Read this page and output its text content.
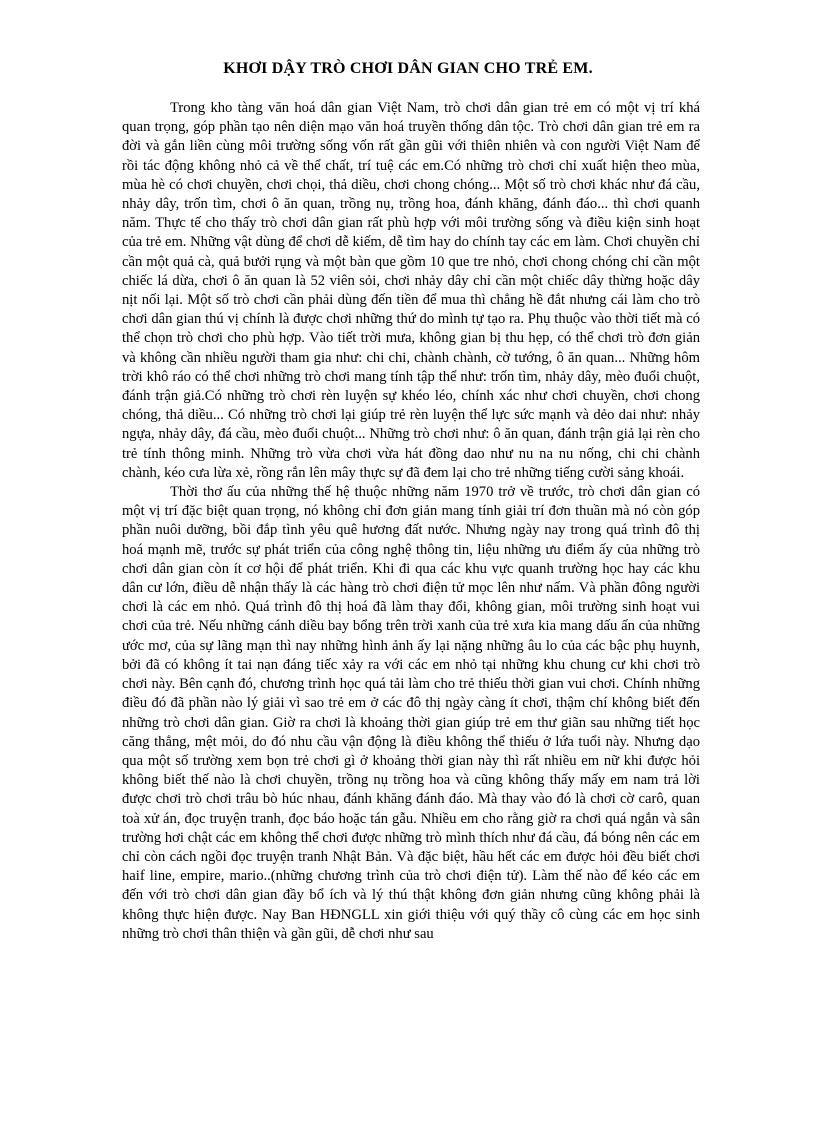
KHƠI DẬY TRÒ CHƠI DÂN GIAN CHO TRẺ EM.

Trong kho tàng văn hoá dân gian Việt Nam, trò chơi dân gian trẻ em có một vị trí khá quan trọng, góp phần tạo nên diện mạo văn hoá truyền thống dân tộc. Trò chơi dân gian trẻ em ra đời và gắn liền cùng môi trường sống vốn rất gần gũi với thiên nhiên và con người Việt Nam để rồi tác động không nhỏ cả về thể chất, trí tuệ các em.Có những trò chơi chỉ xuất hiện theo mùa, mùa hè có chơi chuyền, chơi chọi, thả diều, chơi chong chóng... Một số trò chơi khác như đá cầu, nhảy dây, trốn tìm, chơi ô ăn quan, trồng nụ, trồng hoa, đánh khăng, đánh đáo... thì chơi quanh năm. Thực tế cho thấy trò chơi dân gian rất phù hợp với môi trường sống và điều kiện sinh hoạt của trẻ em. Những vật dùng để chơi dễ kiếm, dễ tìm hay do chính tay các em làm. Chơi chuyền chỉ cần một quả cà, quả bưởi rụng và một bàn que gồm 10 que tre nhỏ, chơi chong chóng chỉ cần một chiếc lá dừa, chơi ô ăn quan là 52 viên sỏi, chơi nhảy dây chỉ cần một chiếc dây thừng hoặc dây nịt nối lại. Một số trò chơi cần phải dùng đến tiền để mua thì chẳng hề đắt nhưng cái làm cho trò chơi dân gian thú vị chính là được chơi những thứ do mình tự tạo ra. Phụ thuộc vào thời tiết mà có thể chọn trò chơi cho phù hợp. Vào tiết trời mưa, không gian bị thu hẹp, có thể chơi trò đơn giản và không cần nhiều người tham gia như: chi chi, chành chành, cờ tướng, ô ăn quan... Những hôm trời khô ráo có thể chơi những trò chơi mang tính tập thể như: trốn tìm, nhảy dây, mèo đuổi chuột, đánh trận giả.Có những trò chơi rèn luyện sự khéo léo, chính xác như chơi chuyền, chơi chong chóng, thả diều... Có những trò chơi lại giúp trẻ rèn luyện thể lực sức mạnh và dẻo dai như: nhảy ngựa, nhảy dây, đá cầu, mèo đuổi chuột... Những trò chơi như: ô ăn quan, đánh trận giả lại rèn cho trẻ tính thông minh. Những trò vừa chơi vừa hát đồng dao như nu na nu nống, chi chi chành chành, kéo cưa lừa xẻ, rồng rắn lên mây thực sự đã đem lại cho trẻ những tiếng cười sảng khoái.

Thời thơ ấu của những thế hệ thuộc những năm 1970 trở về trước, trò chơi dân gian có một vị trí đặc biệt quan trọng, nó không chỉ đơn giản mang tính giải trí đơn thuần mà nó còn góp phần nuôi dưỡng, bồi đắp tình yêu quê hương đất nước. Nhưng ngày nay trong quá trình đô thị hoá mạnh mẽ, trước sự phát triển của công nghệ thông tin, liệu những ưu điểm ấy của những trò chơi dân gian còn ít cơ hội để phát triển. Khi đi qua các khu vực quanh trường học hay các khu dân cư lớn, điều dễ nhận thấy là các hàng trò chơi điện tử mọc lên như nấm. Và phần đông người chơi là các em nhỏ. Quá trình đô thị hoá đã làm thay đổi, không gian, môi trường sinh hoạt vui chơi của trẻ. Nếu những cánh diều bay bổng trên trời xanh của trẻ xưa kia mang dấu ấn của những ước mơ, của sự lãng mạn thì nay những hình ảnh ấy lại nặng những âu lo của các bậc phụ huynh, bởi đã có không ít tai nạn đáng tiếc xảy ra với các em nhỏ tại những khu chung cư khi chơi trò chơi này. Bên cạnh đó, chương trình học quá tải làm cho trẻ thiếu thời gian vui chơi. Chính những điều đó đã phần nào lý giải vì sao trẻ em ở các đô thị ngày càng ít chơi, thậm chí không biết đến những trò chơi dân gian. Giờ ra chơi là khoảng thời gian giúp trẻ em thư giãn sau những tiết học căng thẳng, mệt mỏi, do đó nhu cầu vận động là điều không thể thiếu ở lứa tuổi này. Nhưng dạo qua một số trường xem bọn trẻ chơi gì ở khoảng thời gian này thì rất nhiều em nữ khi được hỏi không biết thế nào là chơi chuyền, trồng nụ trồng hoa và cũng không thấy mấy em nam trả lời được chơi trò chơi trâu bò húc nhau, đánh khăng đánh đáo. Mà thay vào đó là chơi cờ carô, quan toà xử án, đọc truyện tranh, đọc báo hoặc tán gẫu. Nhiều em cho rằng giờ ra chơi quá ngắn và sân trường hơi chật các em không thể chơi được những trò mình thích như đá cầu, đá bóng nên các em chỉ còn cách ngồi đọc truyện tranh Nhật Bản. Và đặc biệt, hầu hết các em được hỏi đều biết chơi haif line, empire, mario..(những chương trình của trò chơi điện tử). Làm thế nào để kéo các em đến với trò chơi dân gian đầy bổ ích và lý thú thật không đơn giản nhưng cũng không phải là không thực hiện được. Nay Ban HĐNGLL xin giới thiệu với quý thầy cô cùng các em học sinh những trò chơi thân thiện và gần gũi, dễ chơi như sau
